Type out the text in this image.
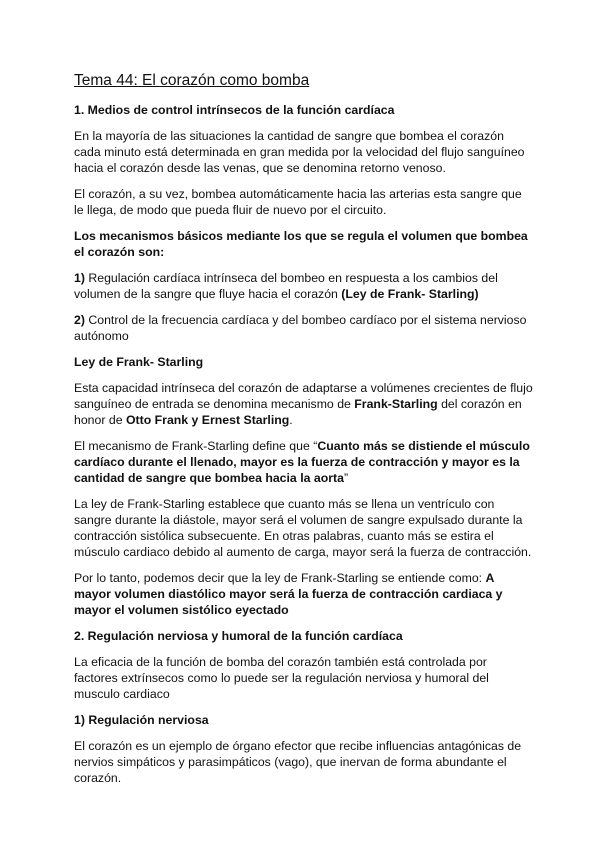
Tema 44: El corazón como bomba
1. Medios de control intrínsecos de la función cardíaca

En la mayoría de las situaciones la cantidad de sangre que bombea el corazón cada minuto está determinada en gran medida por la velocidad del flujo sanguíneo hacia el corazón desde las venas, que se denomina retorno venoso.

El corazón, a su vez, bombea automáticamente hacia las arterias esta sangre que le llega, de modo que pueda fluir de nuevo por el circuito.

Los mecanismos básicos mediante los que se regula el volumen que bombea el corazón son:

1) Regulación cardíaca intrínseca del bombeo en respuesta a los cambios del volumen de la sangre que fluye hacia el corazón (Ley de Frank- Starling)

2) Control de la frecuencia cardíaca y del bombeo cardíaco por el sistema nervioso autónomo

Ley de Frank- Starling

Esta capacidad intrínseca del corazón de adaptarse a volúmenes crecientes de flujo sanguíneo de entrada se denomina mecanismo de Frank-Starling del corazón en honor de Otto Frank y Ernest Starling.

El mecanismo de Frank-Starling define que “Cuanto más se distiende el músculo cardíaco durante el llenado, mayor es la fuerza de contracción y mayor es la cantidad de sangre que bombea hacia la aorta”

La ley de Frank-Starling establece que cuanto más se llena un ventrículo con sangre durante la diástole, mayor será el volumen de sangre expulsado durante la contracción sistólica subsecuente. En otras palabras, cuanto más se estira el músculo cardiaco debido al aumento de carga, mayor será la fuerza de contracción.

Por lo tanto, podemos decir que la ley de Frank-Starling se entiende como: A mayor volumen diastólico mayor será la fuerza de contracción cardiaca y mayor el volumen sistólico eyectado

2. Regulación nerviosa y humoral de la función cardíaca

La eficacia de la función de bomba del corazón también está controlada por factores extrínsecos como lo puede ser la regulación nerviosa y humoral del musculo cardiaco

1) Regulación nerviosa

El corazón es un ejemplo de órgano efector que recibe influencias antagónicas de nervios simpáticos y parasimpáticos (vago), que inervan de forma abundante el corazón.
